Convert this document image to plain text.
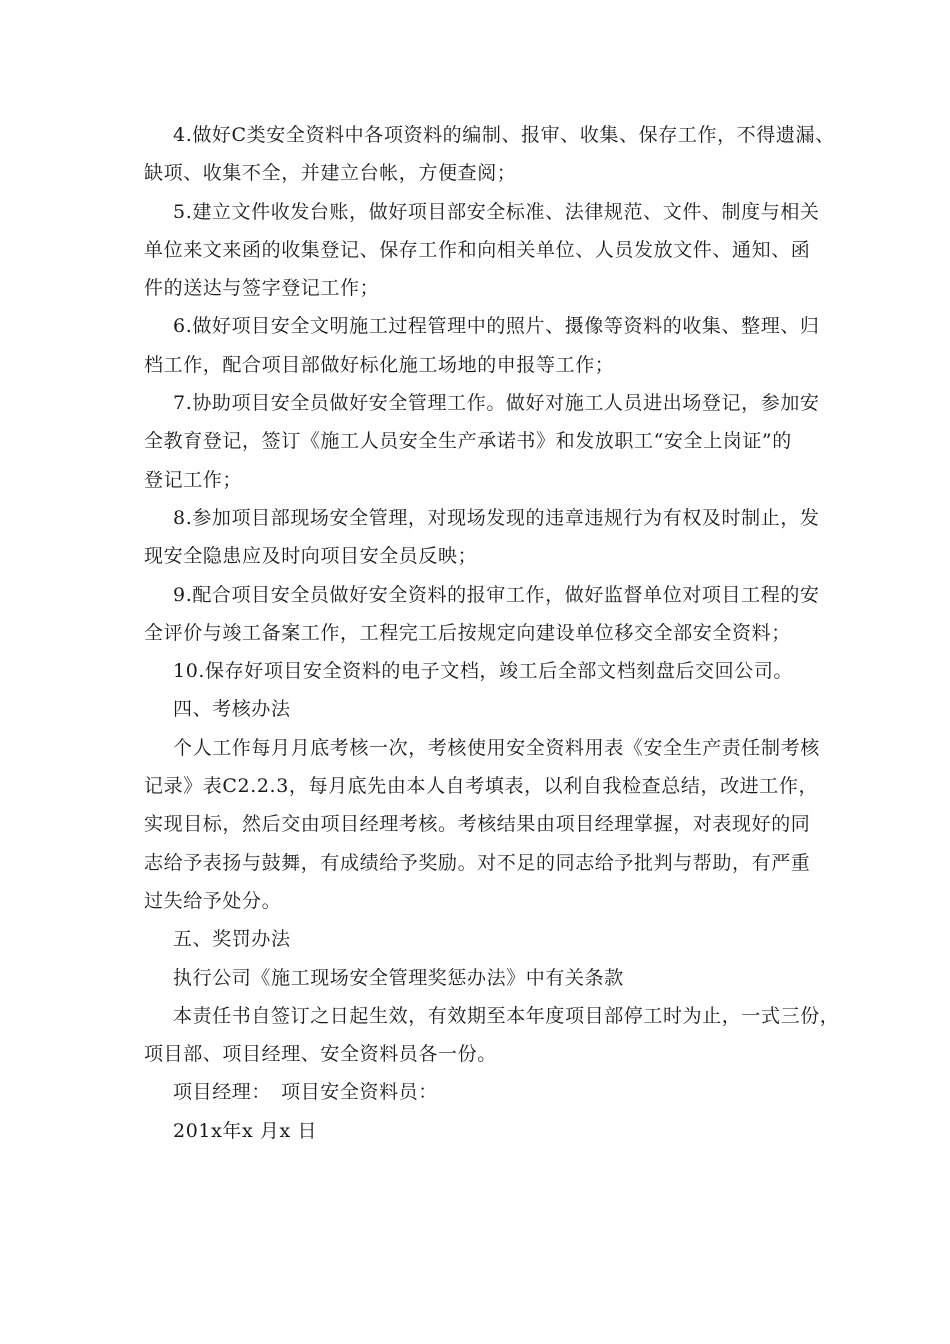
4.做好C类安全资料中各项资料的编制、报审、收集、保存工作，不得遗漏、
缺项、收集不全，并建立台帐，方便查阅；
5.建立文件收发台账，做好项目部安全标准、法律规范、文件、制度与相关
单位来文来函的收集登记、保存工作和向相关单位、人员发放文件、通知、函
件的送达与签字登记工作；
6.做好项目安全文明施工过程管理中的照片、摄像等资料的收集、整理、归
档工作，配合项目部做好标化施工场地的申报等工作；
7.协助项目安全员做好安全管理工作。做好对施工人员进出场登记，参加安
全教育登记，签订《施工人员安全生产承诺书》和发放职工“安全上岗证”的
登记工作；
8.参加项目部现场安全管理，对现场发现的违章违规行为有权及时制止，发
现安全隐患应及时向项目安全员反映；
9.配合项目安全员做好安全资料的报审工作，做好监督单位对项目工程的安
全评价与竣工备案工作，工程完工后按规定向建设单位移交全部安全资料；
10.保存好项目安全资料的电子文档，竣工后全部文档刻盘后交回公司。
四、考核办法
个人工作每月月底考核一次，考核使用安全资料用表《安全生产责任制考核
记录》表C2.2.3，每月底先由本人自考填表，以利自我检查总结，改进工作，
实现目标，然后交由项目经理考核。考核结果由项目经理掌握，对表现好的同
志给予表扬与鼓舞，有成绩给予奖励。对不足的同志给予批判与帮助，有严重
过失给予处分。
五、奖罚办法
执行公司《施工现场安全管理奖惩办法》中有关条款
本责任书自签订之日起生效，有效期至本年度项目部停工时为止，一式三份，
项目部、项目经理、安全资料员各一份。
项目经理：　项目安全资料员：
201x年x 月x 日
